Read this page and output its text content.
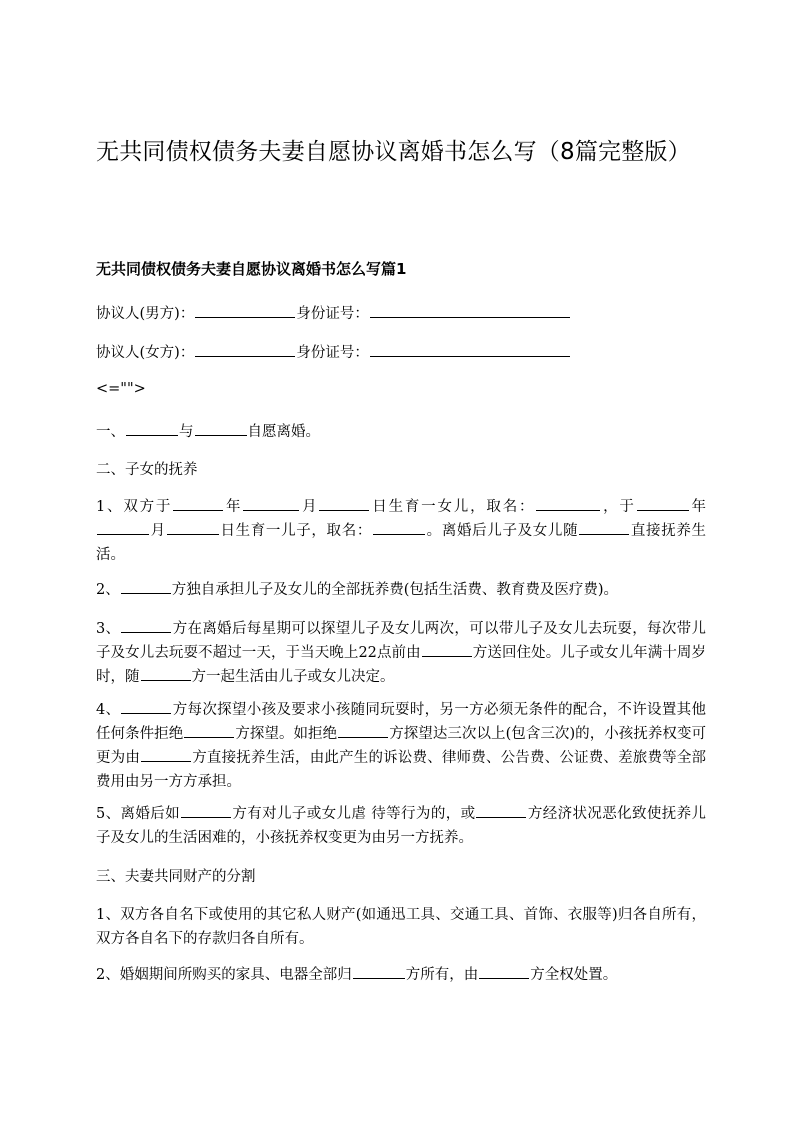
无共同债权债务夫妻自愿协议离婚书怎么写（8篇完整版）
无共同债权债务夫妻自愿协议离婚书怎么写篇1
协议人(男方)：	身份证号：
协议人(女方)：	身份证号：
<="">
一、	与	自愿离婚。
二、子女的抚养
1、双方于	年	月	日生育一女儿，取名：	，于	年月	日生育一儿子，取名：	。离婚后儿子及女儿随	直接抚养生活。
2、	方独自承担儿子及女儿的全部抚养费(包括生活费、教育费及医疗费)。
3、	方在离婚后每星期可以探望儿子及女儿两次，可以带儿子及女儿去玩耍，每次带儿子及女儿去玩耍不超过一天，于当天晚上22点前由	方送回住处。儿子或女儿年满十周岁时，随	方一起生活由儿子或女儿决定。
4、	方每次探望小孩及要求小孩随同玩耍时，另一方必须无条件的配合，不许设置其他任何条件拒绝	方探望。如拒绝	方探望达三次以上(包含三次)的，小孩抚养权变可更为由	方直接抚养生活，由此产生的诉讼费、律师费、公告费、公证费、差旅费等全部费用由另一方方承担。
5、离婚后如	方有对儿子或女儿虐 待等行为的，或	方经济状况恶化致使抚养儿子及女儿的生活困难的，小孩抚养权变更为由另一方抚养。
三、夫妻共同财产的分割
1、双方各自名下或使用的其它私人财产(如通迅工具、交通工具、首饰、衣服等)归各自所有，双方各自名下的存款归各自所有。
2、婚姻期间所购买的家具、电器全部归	方所有，由	方全权处置。
